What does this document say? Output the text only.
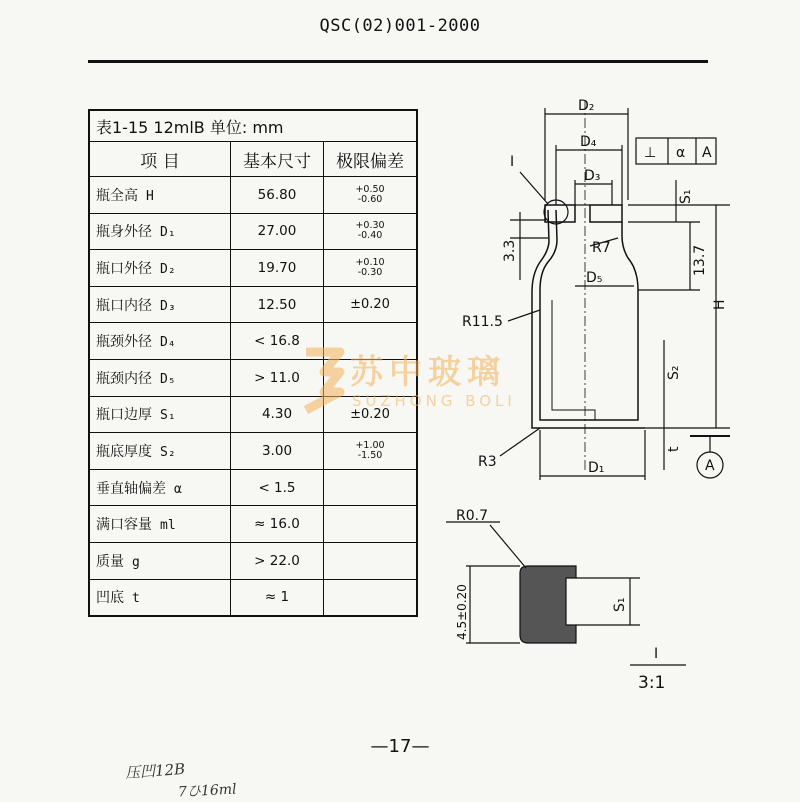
QSC(02)001-2000
表1-15 12mlB 单位: mm		
项 目	基本尺寸	极限偏差
瓶全高 H	56.80	+0.50
-0.60

瓶身外径 D₁	27.00	+0.30
-0.40

瓶口外径 D₂	19.70	+0.10
-0.30

瓶口内径 D₃	12.50	±0.20
瓶颈外径 D₄	< 16.8	
瓶颈内径 D₅	> 11.0	
瓶口边厚 S₁	4.30	±0.20
瓶底厚度 S₂	3.00	+1.00
-1.50

垂直轴偏差 α	< 1.5	
满口容量 ml	≈ 16.0	
质量 g	> 22.0	
凹底 t	≈ 1	
苏中玻璃
SUZHONG BOLI
D₂
D₄
D₃
I
R7
D₅
R11.5
R3	D₁
H
13.7
3.3
S₁
S₂
t
A
⊥ α A
R0.7
4.5±0.20	S₁
I
3:1
—17—
压凹12B
7ひ16ml
